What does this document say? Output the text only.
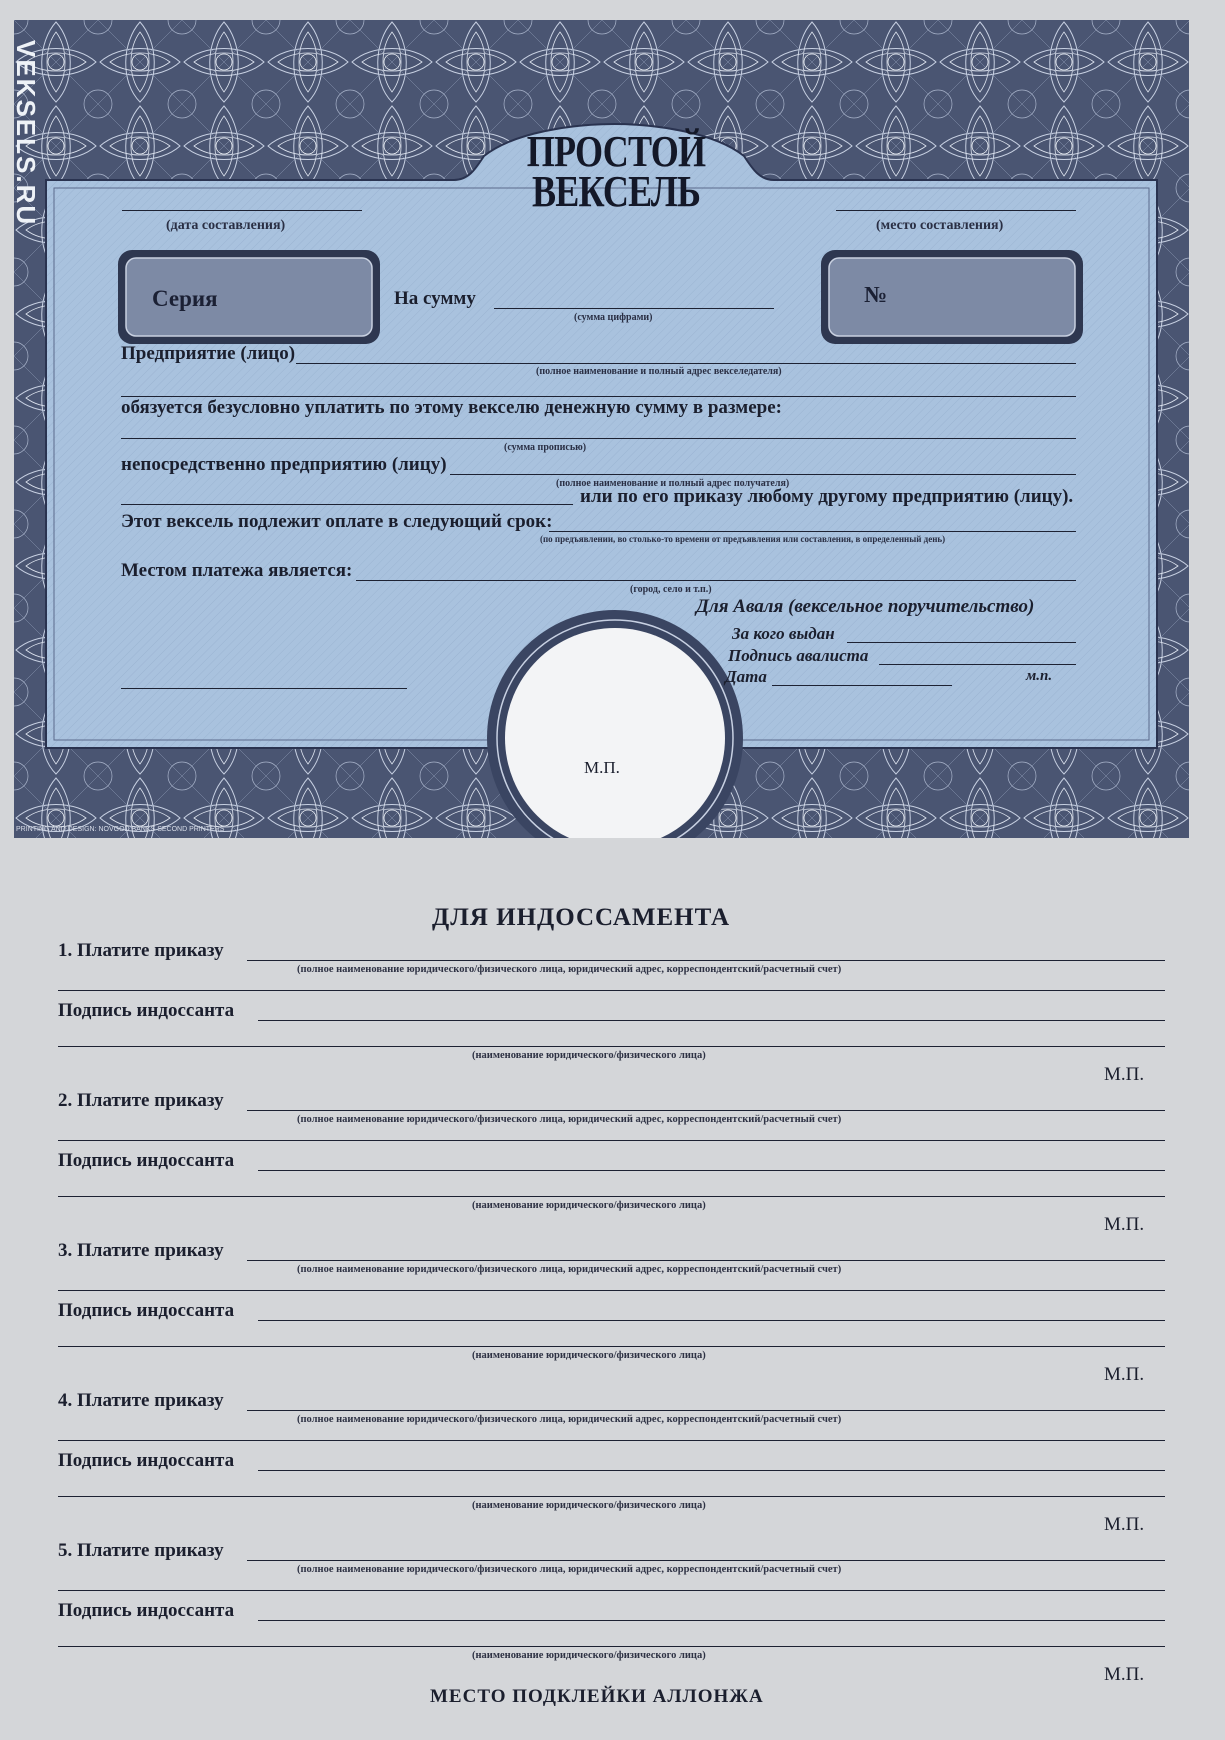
VEKSELS.RU	ПРОСТОЙ
ВЕКСЕЛЬ
(дата составления)	(место составления)
Серия	На сумму
(сумма цифрами)
№
Предприятие (лицо)
(полное наименование и полный адрес векселедателя)
обязуется безусловно уплатить по этому векселю денежную сумму в размере:
(сумма прописью)
непосредственно предприятию (лицу)
(полное наименование и полный адрес получателя)
или по его приказу любому другому предприятию (лицу).
Этот вексель подлежит оплате в следующий срок:
(по предъявлении, во столько-то времени от предъявления или составления, в определенный день)
Местом платежа является:
(город, село и т.п.)
Для Аваля (вексельное поручительство)
За кого выдан
Подпись авалиста
Дата	м.п.
М.П.
PRINTING AND DESIGN: NOVGOD BANKS SECOND PRINTERS
ДЛЯ ИНДОССАМЕНТА
1. Платите приказу
(полное наименование юридического/физического лица, юридический адрес, корреспондентский/расчетный счет)
Подпись индоссанта
(наименование юридического/физического лица)
М.П.
2. Платите приказу
(полное наименование юридического/физического лица, юридический адрес, корреспондентский/расчетный счет)
Подпись индоссанта
(наименование юридического/физического лица)
М.П.
3. Платите приказу
(полное наименование юридического/физического лица, юридический адрес, корреспондентский/расчетный счет)
Подпись индоссанта
(наименование юридического/физического лица)
М.П.
4. Платите приказу
(полное наименование юридического/физического лица, юридический адрес, корреспондентский/расчетный счет)
Подпись индоссанта
(наименование юридического/физического лица)
М.П.
5. Платите приказу
(полное наименование юридического/физического лица, юридический адрес, корреспондентский/расчетный счет)
Подпись индоссанта
(наименование юридического/физического лица)
М.П.
МЕСТО ПОДКЛЕЙКИ АЛЛОНЖА
